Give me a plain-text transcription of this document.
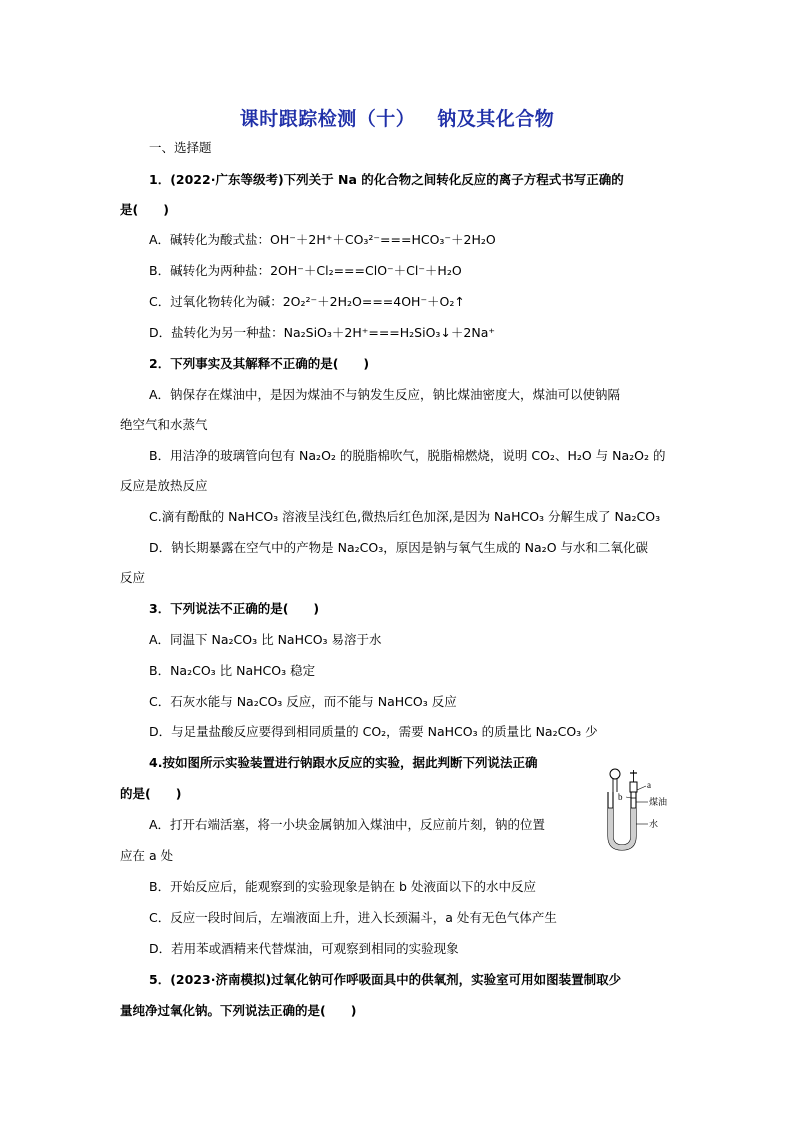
课时跟踪检测（十） 钠及其化合物
一、选择题
1．(2022·广东等级考)下列关于 Na 的化合物之间转化反应的离子方程式书写正确的
是(　　)
A．碱转化为酸式盐：OH⁻＋2H⁺＋CO₃²⁻===HCO₃⁻＋2H₂O
B．碱转化为两种盐：2OH⁻＋Cl₂===ClO⁻＋Cl⁻＋H₂O
C．过氧化物转化为碱：2O₂²⁻＋2H₂O===4OH⁻＋O₂↑
D．盐转化为另一种盐：Na₂SiO₃＋2H⁺===H₂SiO₃↓＋2Na⁺
2．下列事实及其解释不正确的是(　　)
A．钠保存在煤油中，是因为煤油不与钠发生反应，钠比煤油密度大，煤油可以使钠隔
绝空气和水蒸气
B．用洁净的玻璃管向包有 Na₂O₂ 的脱脂棉吹气，脱脂棉燃烧，说明 CO₂、H₂O 与 Na₂O₂ 的
反应是放热反应
C.滴有酚酞的 NaHCO₃ 溶液呈浅红色,微热后红色加深,是因为 NaHCO₃ 分解生成了 Na₂CO₃
D．钠长期暴露在空气中的产物是 Na₂CO₃，原因是钠与氧气生成的 Na₂O 与水和二氧化碳
反应
3．下列说法不正确的是(　　)
A．同温下 Na₂CO₃ 比 NaHCO₃ 易溶于水
B．Na₂CO₃ 比 NaHCO₃ 稳定
C．石灰水能与 Na₂CO₃ 反应，而不能与 NaHCO₃ 反应
D．与足量盐酸反应要得到相同质量的 CO₂，需要 NaHCO₃ 的质量比 Na₂CO₃ 少
4.按如图所示实验装置进行钠跟水反应的实验，据此判断下列说法正确
的是(　　)
A．打开右端活塞，将一小块金属钠加入煤油中，反应前片刻，钠的位置
应在 a 处
B．开始反应后，能观察到的实验现象是钠在 b 处液面以下的水中反应
C．反应一段时间后，左端液面上升，进入长颈漏斗，a 处有无色气体产生
D．若用苯或酒精来代替煤油，可观察到相同的实验现象
a
b
煤油
水
5．(2023·济南模拟)过氧化钠可作呼吸面具中的供氧剂，实验室可用如图装置制取少
量纯净过氧化钠。下列说法正确的是(　　)
